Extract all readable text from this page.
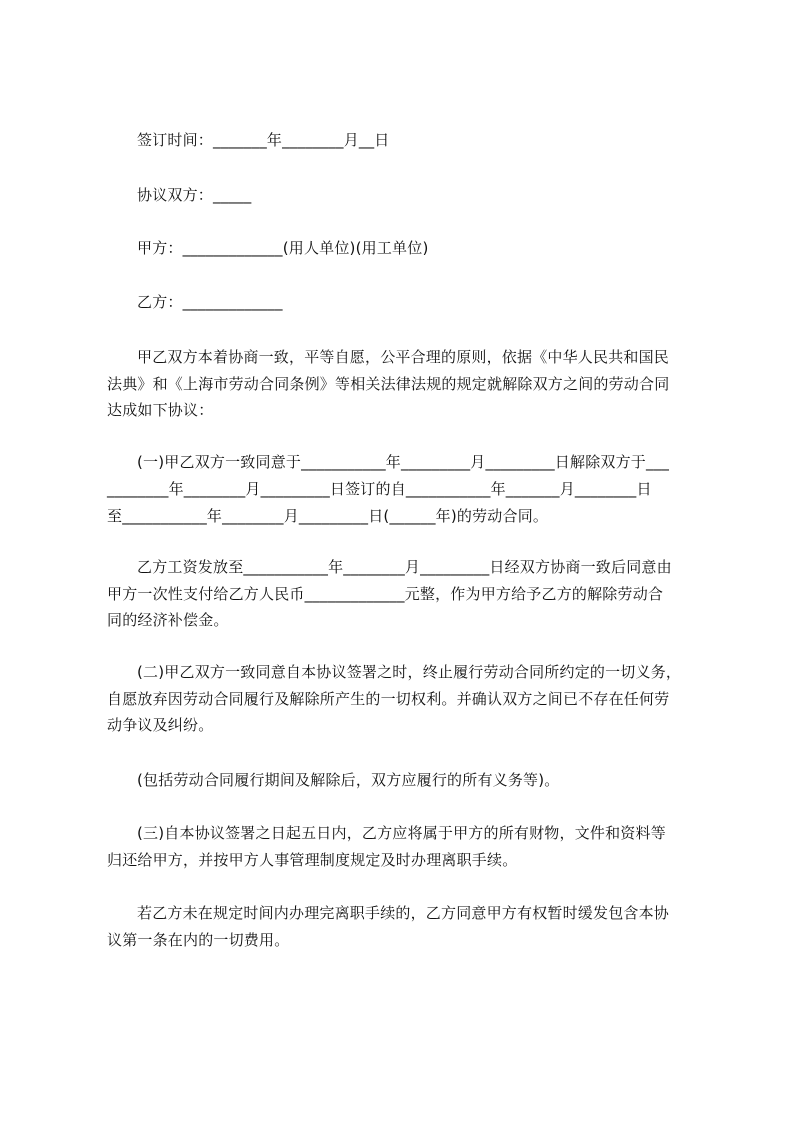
签订时间：_______年________月__日
协议双方：_____
甲方：_____________(用人单位)(用工单位)
乙方：_____________
甲乙双方本着协商一致，平等自愿，公平合理的原则，依据《中华人民共和国民
法典》和《上海市劳动合同条例》等相关法律法规的规定就解除双方之间的劳动合同
达成如下协议：
(一)甲乙双方一致同意于___________年_________月_________日解除双方于___
________年________月_________日签订的自___________年_______月________日
至___________年________月_________日(______年)的劳动合同。
乙方工资发放至___________年________月_________日经双方协商一致后同意由
甲方一次性支付给乙方人民币_____________元整，作为甲方给予乙方的解除劳动合
同的经济补偿金。
(二)甲乙双方一致同意自本协议签署之时，终止履行劳动合同所约定的一切义务，
自愿放弃因劳动合同履行及解除所产生的一切权利。并确认双方之间已不存在任何劳
动争议及纠纷。
(包括劳动合同履行期间及解除后，双方应履行的所有义务等)。
(三)自本协议签署之日起五日内，乙方应将属于甲方的所有财物，文件和资料等
归还给甲方，并按甲方人事管理制度规定及时办理离职手续。
若乙方未在规定时间内办理完离职手续的，乙方同意甲方有权暂时缓发包含本协
议第一条在内的一切费用。
